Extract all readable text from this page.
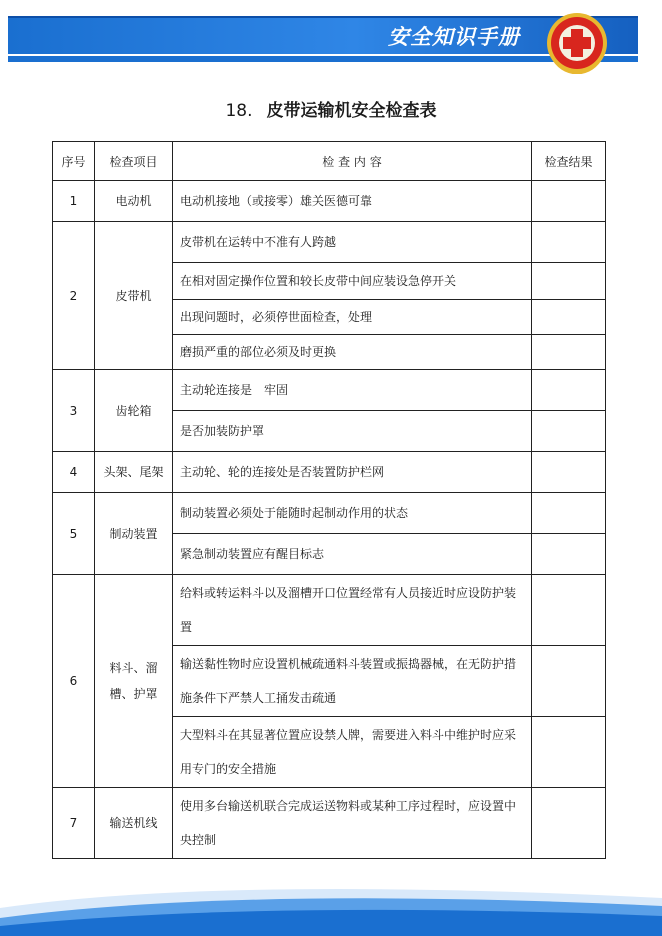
安全知识手册
18. 皮带运输机安全检查表
序号	检查项目	检 查 内 容	检查结果
1	电动机	电动机接地（或接零）雄关医德可靠	
2	皮带机	皮带机在运转中不准有人跨越	
		在相对固定操作位置和较长皮带中间应装设急停开关	
		出现问题时，必须停世面检查，处理	
		磨损严重的部位必须及时更换	
3	齿轮箱	主动轮连接是　牢固	
		是否加装防护罩	
4	头架、尾架	主动轮、轮的连接处是否装置防护栏网	
5	制动装置	制动装置必须处于能随时起制动作用的状态	
		紧急制动装置应有醒目标志	
6	料斗、溜槽、护罩	给料或转运料斗以及溜槽开口位置经常有人员接近时应设防护装置	
		输送黏性物时应设置机械疏通料斗装置或振捣器械，在无防护措施条件下严禁人工捅发击疏通	
		大型料斗在其显著位置应设禁人牌，需要进入料斗中维护时应采用专门的安全措施	
7	输送机线	使用多台输送机联合完成运送物料或某种工序过程时，应设置中央控制	
